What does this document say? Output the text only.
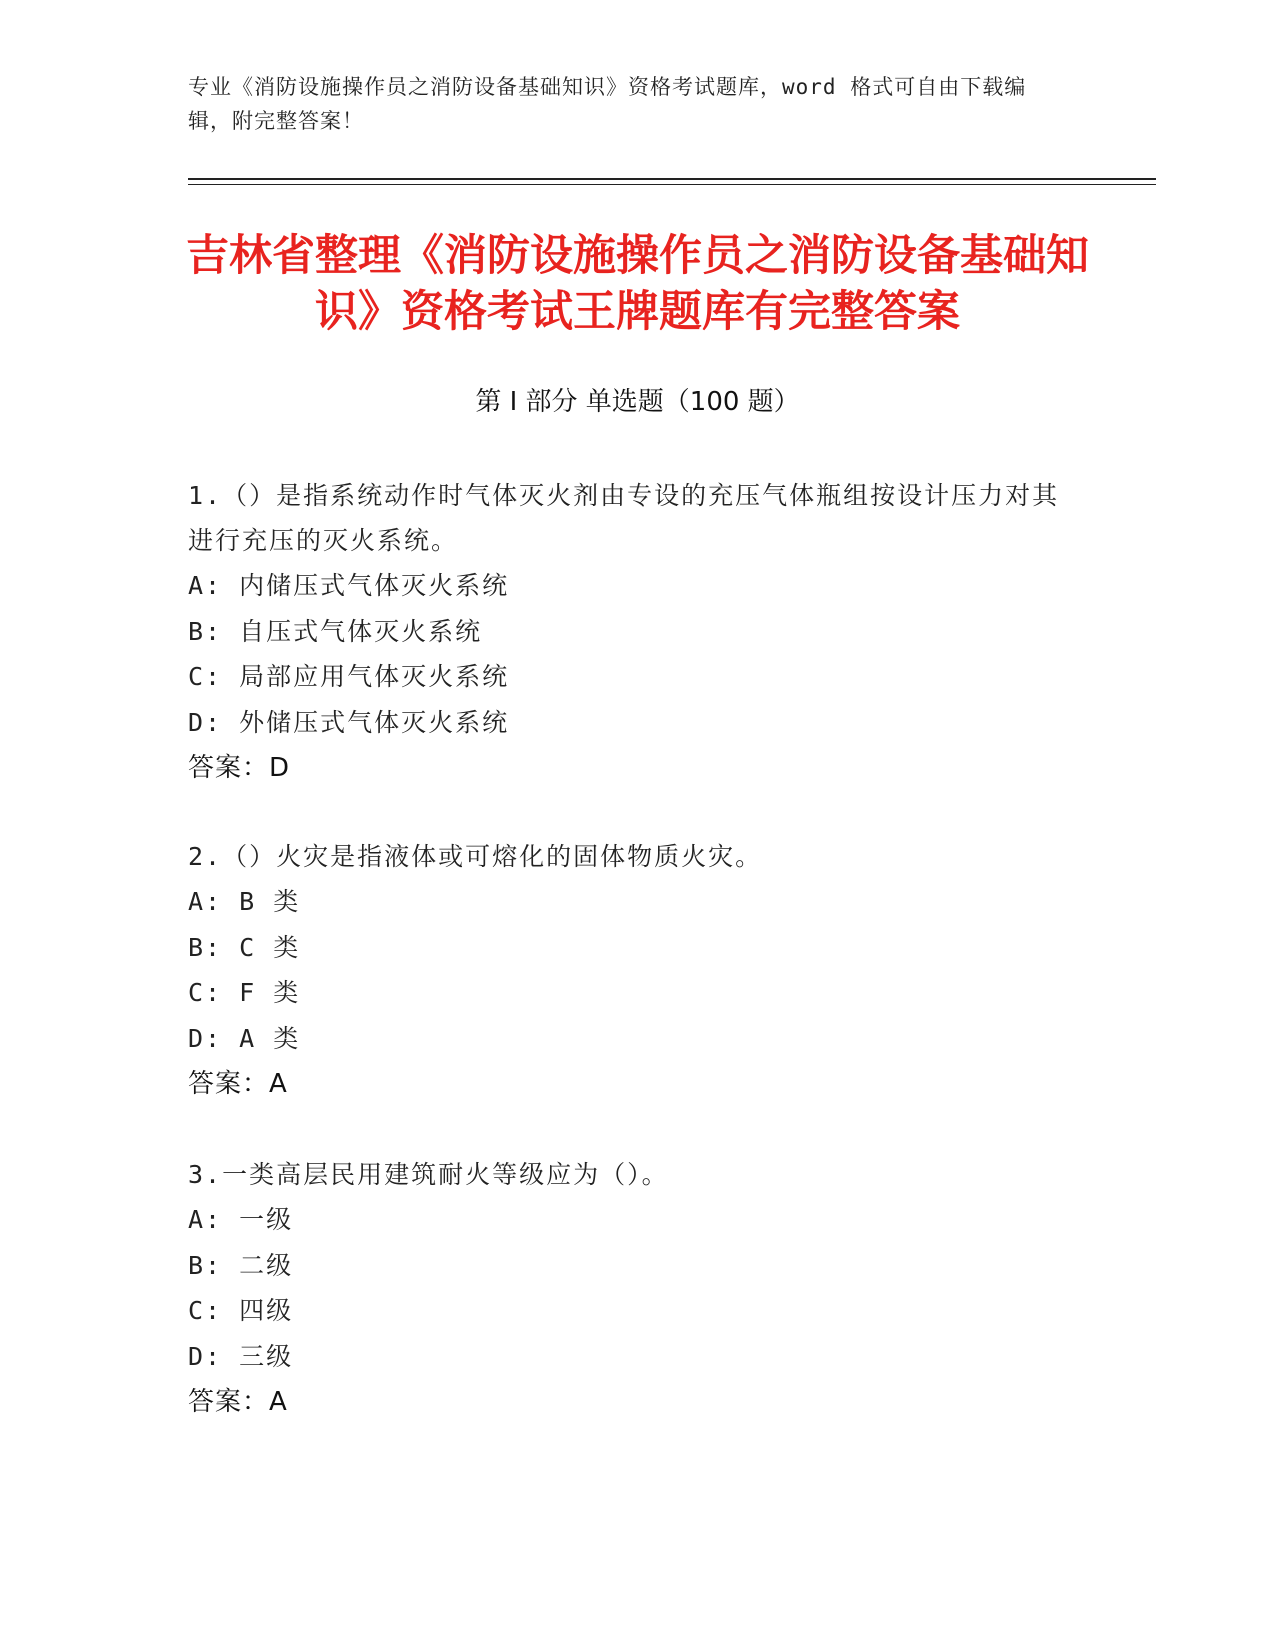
专业《消防设施操作员之消防设备基础知识》资格考试题库，word 格式可自由下载编辑，附完整答案！
吉林省整理《消防设施操作员之消防设备基础知识》资格考试王牌题库有完整答案
第 I 部分 单选题（100 题）

1.（）是指系统动作时气体灭火剂由专设的充压气体瓶组按设计压力对其进行充压的灭火系统。

A: 内储压式气体灭火系统

B: 自压式气体灭火系统

C: 局部应用气体灭火系统

D: 外储压式气体灭火系统

答案：D

2.（）火灾是指液体或可熔化的固体物质火灾。

A: B 类

B: C 类

C: F 类

D: A 类

答案：A

3.一类高层民用建筑耐火等级应为（）。

A: 一级

B: 二级

C: 四级

D: 三级

答案：A
